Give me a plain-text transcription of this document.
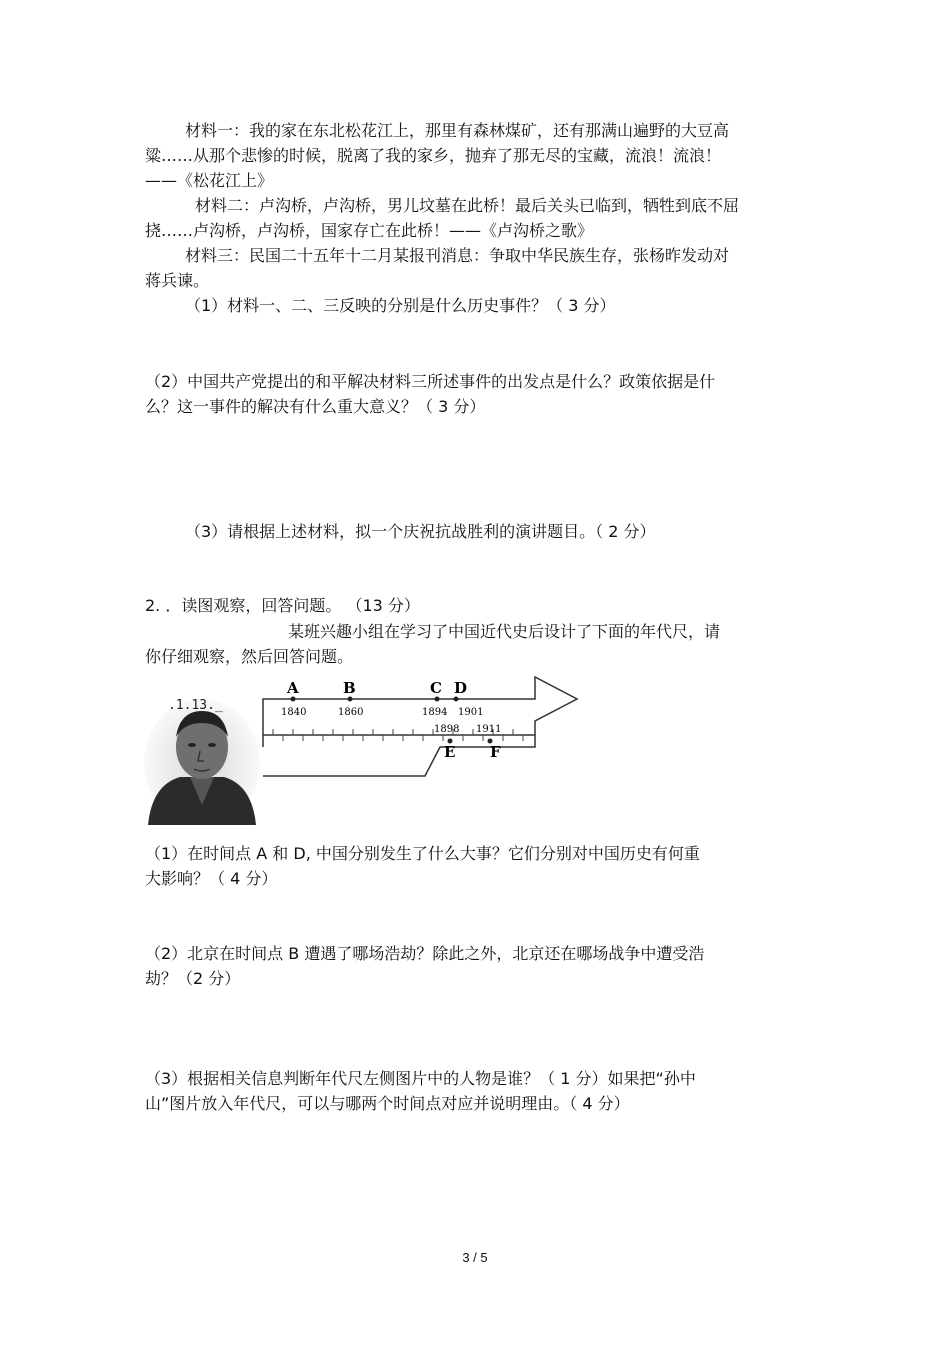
材料一：我的家在东北松花江上，那里有森林煤矿，还有那满山遍野的大豆高
粱……从那个悲惨的时候，脱离了我的家乡，抛弃了那无尽的宝藏，流浪！流浪！
——《松花江上》
材料二：卢沟桥，卢沟桥，男儿坟墓在此桥！最后关头已临到，牺牲到底不屈
挠……卢沟桥，卢沟桥，国家存亡在此桥！——《卢沟桥之歌》
材料三：民国二十五年十二月某报刊消息：争取中华民族生存，张杨昨发动对
蒋兵谏。
（1）材料一、二、三反映的分别是什么历史事件？（ 3 分）
（2）中国共产党提出的和平解决材料三所述事件的出发点是什么？政策依据是什
么？这一事件的解决有什么重大意义？（ 3 分）
（3）请根据上述材料，拟一个庆祝抗战胜利的演讲题目。（ 2 分）
2. ．读图观察，回答问题。 （13 分）
某班兴趣小组在学习了中国近代史后设计了下面的年代尺，请
你仔细观察，然后回答问题。
.1.13._
A
1840
B
1860
C
1894
D
1901
1898
E
1911
F
（1）在时间点 A 和 D, 中国分别发生了什么大事？它们分别对中国历史有何重
大影响？（ 4 分）
（2）北京在时间点 B 遭遇了哪场浩劫？除此之外，北京还在哪场战争中遭受浩
劫？（2 分）
（3）根据相关信息判断年代尺左侧图片中的人物是谁？（ 1 分）如果把“孙中
山”图片放入年代尺，可以与哪两个时间点对应并说明理由。（ 4 分）
3 / 5
